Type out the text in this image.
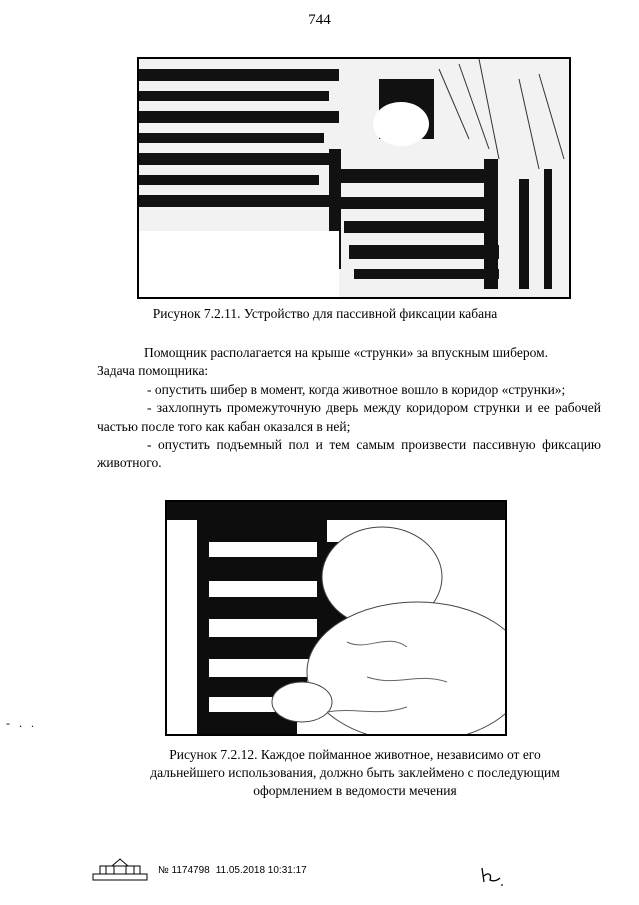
744
Рисунок 7.2.11. Устройство для пассивной фиксации кабана

Помощник располагается на крыше «струнки» за впускным шибером.

Задача помощника:

- опустить шибер в момент, когда животное вошло в коридор «струнки»;

- захлопнуть промежуточную дверь между коридором струнки и ее рабочей частью после того как кабан оказался в ней;

- опустить подъемный пол и тем самым произвести пассивную фиксацию животного.

Рисунок 7.2.12. Каждое пойманное животное, независимо от его
дальнейшего использования, должно быть заклеймено с последующим
оформлением в ведомости мечения
- . .
№ 1174798 11.05.2018 10:31:17
